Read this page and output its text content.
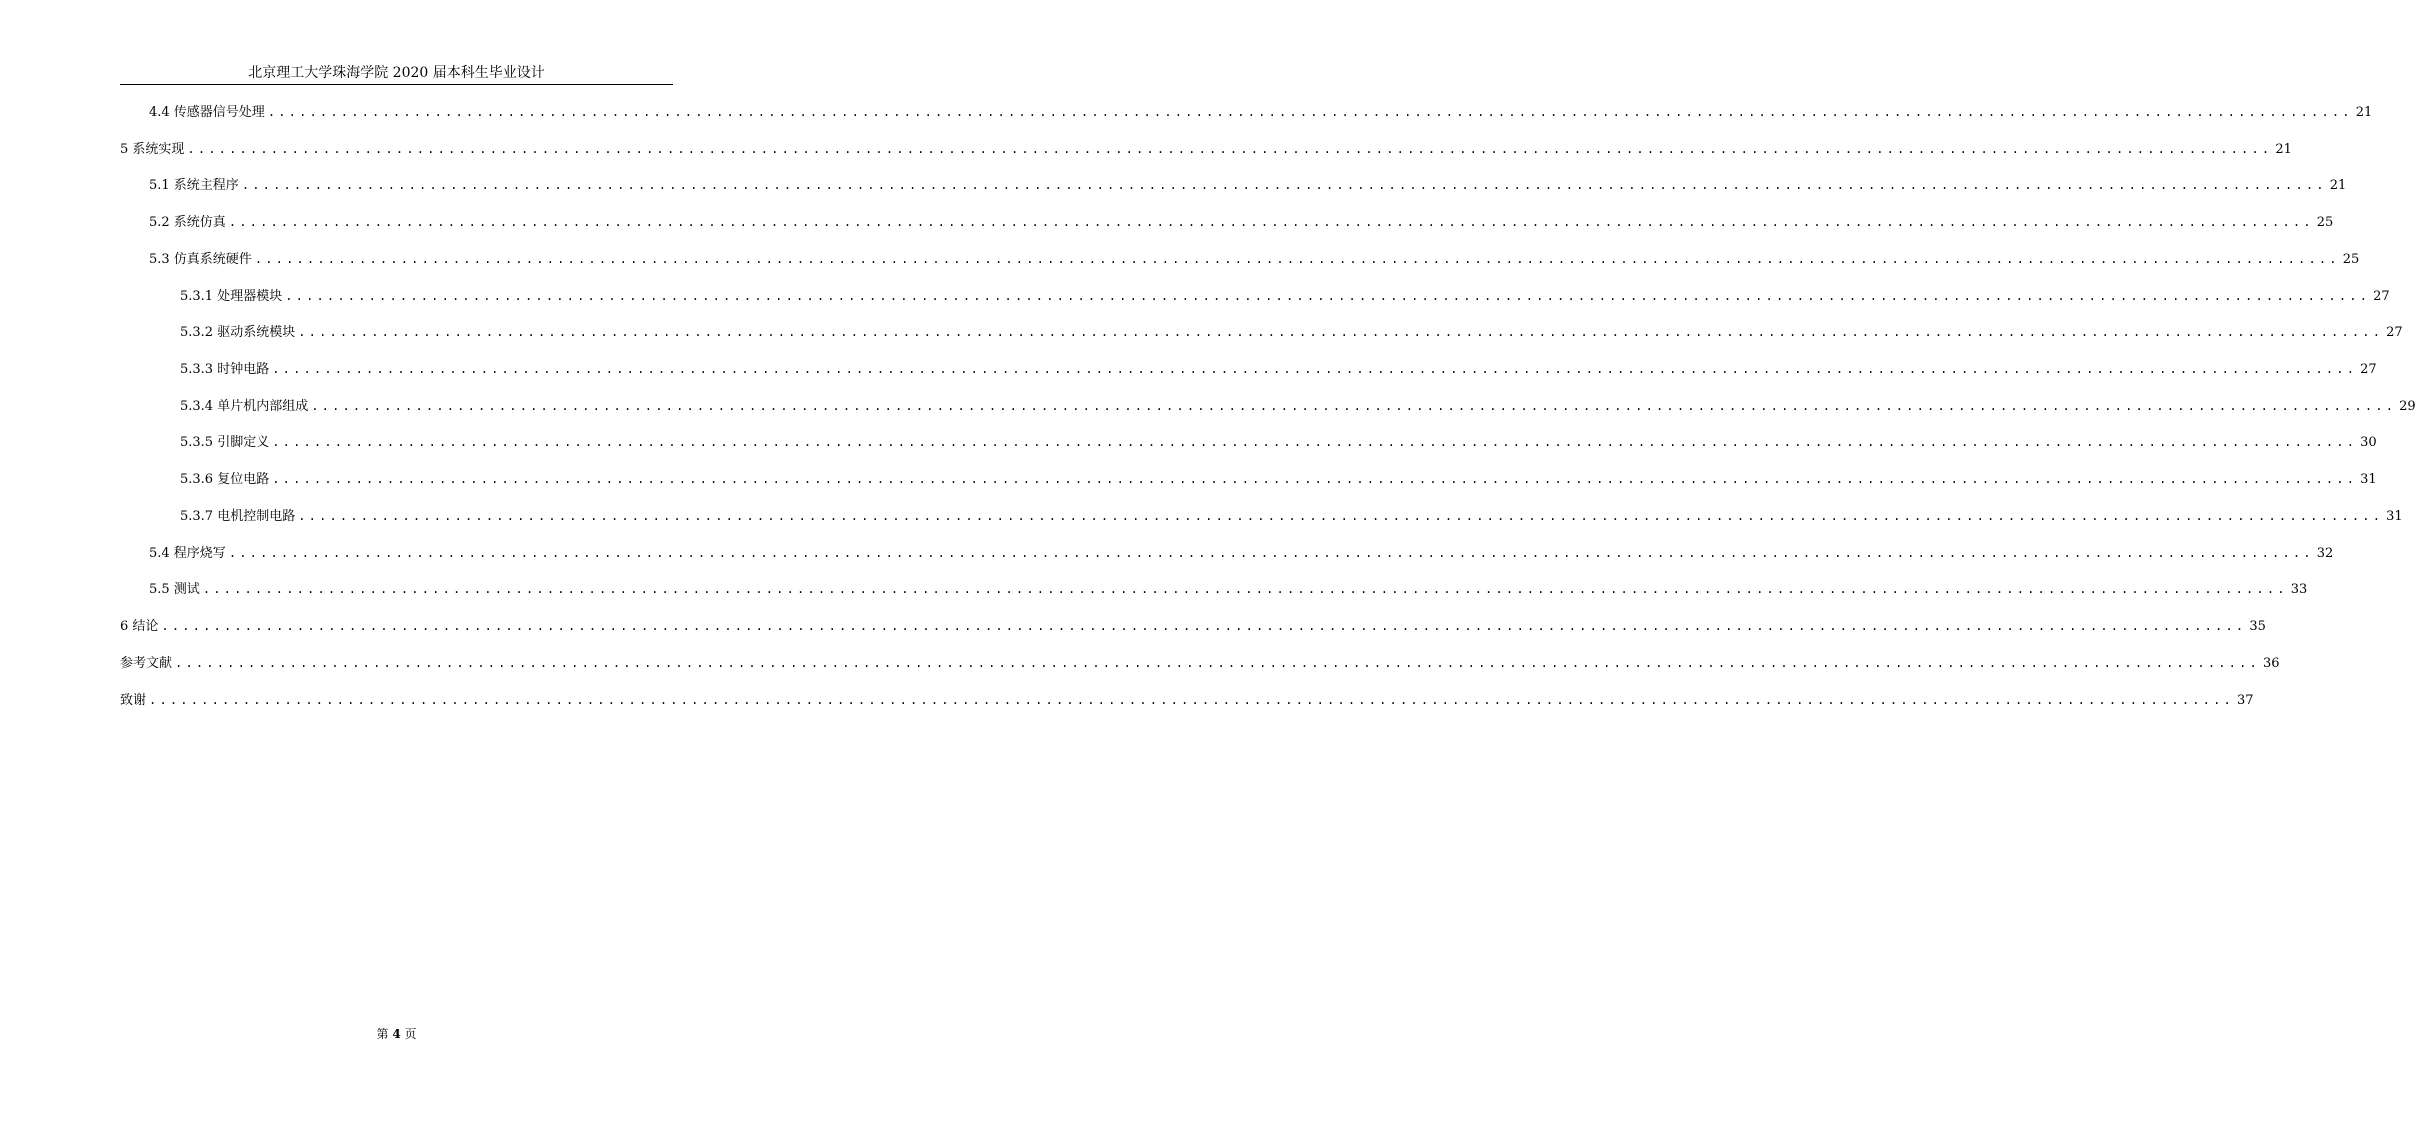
北京理工大学珠海学院 2020 届本科生毕业设计
4.4 传感器信号处理 ........................................................................................................................................................................................................ 21
5 系统实现 ........................................................................................................................................................................................................ 21
5.1 系统主程序 ........................................................................................................................................................................................................ 21
5.2 系统仿真 ........................................................................................................................................................................................................ 25
5.3 仿真系统硬件 ........................................................................................................................................................................................................ 25
5.3.1 处理器模块 ........................................................................................................................................................................................................ 27
5.3.2 驱动系统模块 ........................................................................................................................................................................................................ 27
5.3.3 时钟电路 ........................................................................................................................................................................................................ 27
5.3.4 单片机内部组成 ........................................................................................................................................................................................................ 29
5.3.5 引脚定义 ........................................................................................................................................................................................................ 30
5.3.6 复位电路 ........................................................................................................................................................................................................ 31
5.3.7 电机控制电路 ........................................................................................................................................................................................................ 31
5.4 程序烧写 ........................................................................................................................................................................................................ 32
5.5 测试 ........................................................................................................................................................................................................ 33
6 结论 ........................................................................................................................................................................................................ 35
参考文献 ........................................................................................................................................................................................................ 36
致谢 ........................................................................................................................................................................................................ 37
第 4 页
